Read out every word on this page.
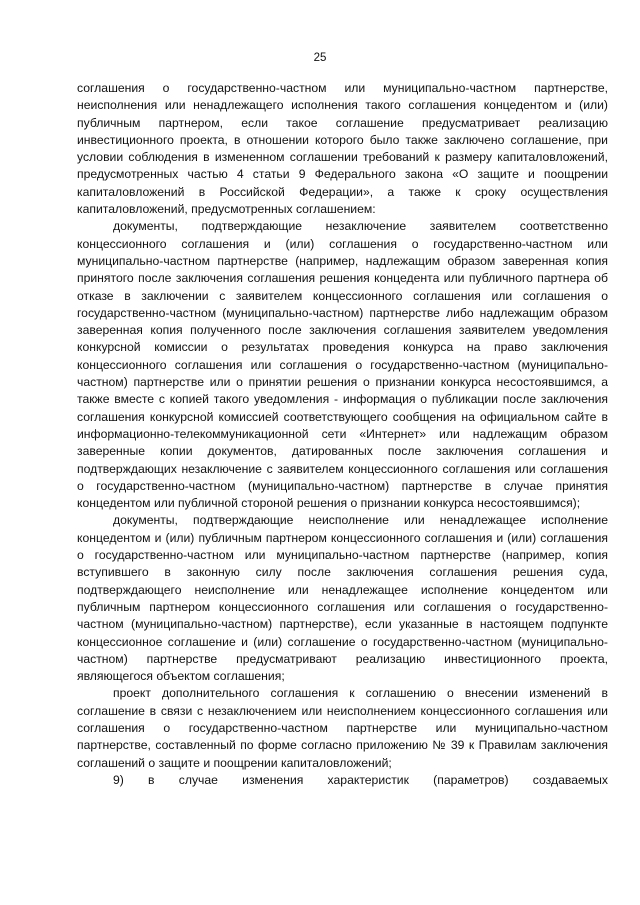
25

соглашения о государственно-частном или муниципально-частном партнерстве, неисполнения или ненадлежащего исполнения такого соглашения концедентом и (или) публичным партнером, если такое соглашение предусматривает реализацию инвестиционного проекта, в отношении которого было также заключено соглашение, при условии соблюдения в измененном соглашении требований к размеру капиталовложений, предусмотренных частью 4 статьи 9 Федерального закона «О защите и поощрении капиталовложений в Российской Федерации», а также к сроку осуществления капиталовложений, предусмотренных соглашением:

документы, подтверждающие незаключение заявителем соответственно концессионного соглашения и (или) соглашения о государственно-частном или муниципально-частном партнерстве (например, надлежащим образом заверенная копия принятого после заключения соглашения решения концедента или публичного партнера об отказе в заключении с заявителем концессионного соглашения или соглашения о государственно-частном (муниципально-частном) партнерстве либо надлежащим образом заверенная копия полученного после заключения соглашения заявителем уведомления конкурсной комиссии о результатах проведения конкурса на право заключения концессионного соглашения или соглашения о государственно-частном (муниципально-частном) партнерстве или о принятии решения о признании конкурса несостоявшимся, а также вместе с копией такого уведомления - информация о публикации после заключения соглашения конкурсной комиссией соответствующего сообщения на официальном сайте в информационно-телекоммуникационной сети «Интернет» или надлежащим образом заверенные копии документов, датированных после заключения соглашения и подтверждающих незаключение с заявителем концессионного соглашения или соглашения о государственно-частном (муниципально-частном) партнерстве в случае принятия концедентом или публичной стороной решения о признании конкурса несостоявшимся);

документы, подтверждающие неисполнение или ненадлежащее исполнение концедентом и (или) публичным партнером концессионного соглашения и (или) соглашения о государственно-частном или муниципально-частном партнерстве (например, копия вступившего в законную силу после заключения соглашения решения суда, подтверждающего неисполнение или ненадлежащее исполнение концедентом или публичным партнером концессионного соглашения или соглашения о государственно-частном (муниципально-частном) партнерстве), если указанные в настоящем подпункте концессионное соглашение и (или) соглашение о государственно-частном (муниципально-частном) партнерстве предусматривают реализацию инвестиционного проекта, являющегося объектом соглашения;

проект дополнительного соглашения к соглашению о внесении изменений в соглашение в связи с незаключением или неисполнением концессионного соглашения или соглашения о государственно-частном партнерстве или муниципально-частном партнерстве, составленный по форме согласно приложению № 39 к Правилам заключения соглашений о защите и поощрении капиталовложений;

9) в случае изменения характеристик (параметров) создаваемых
